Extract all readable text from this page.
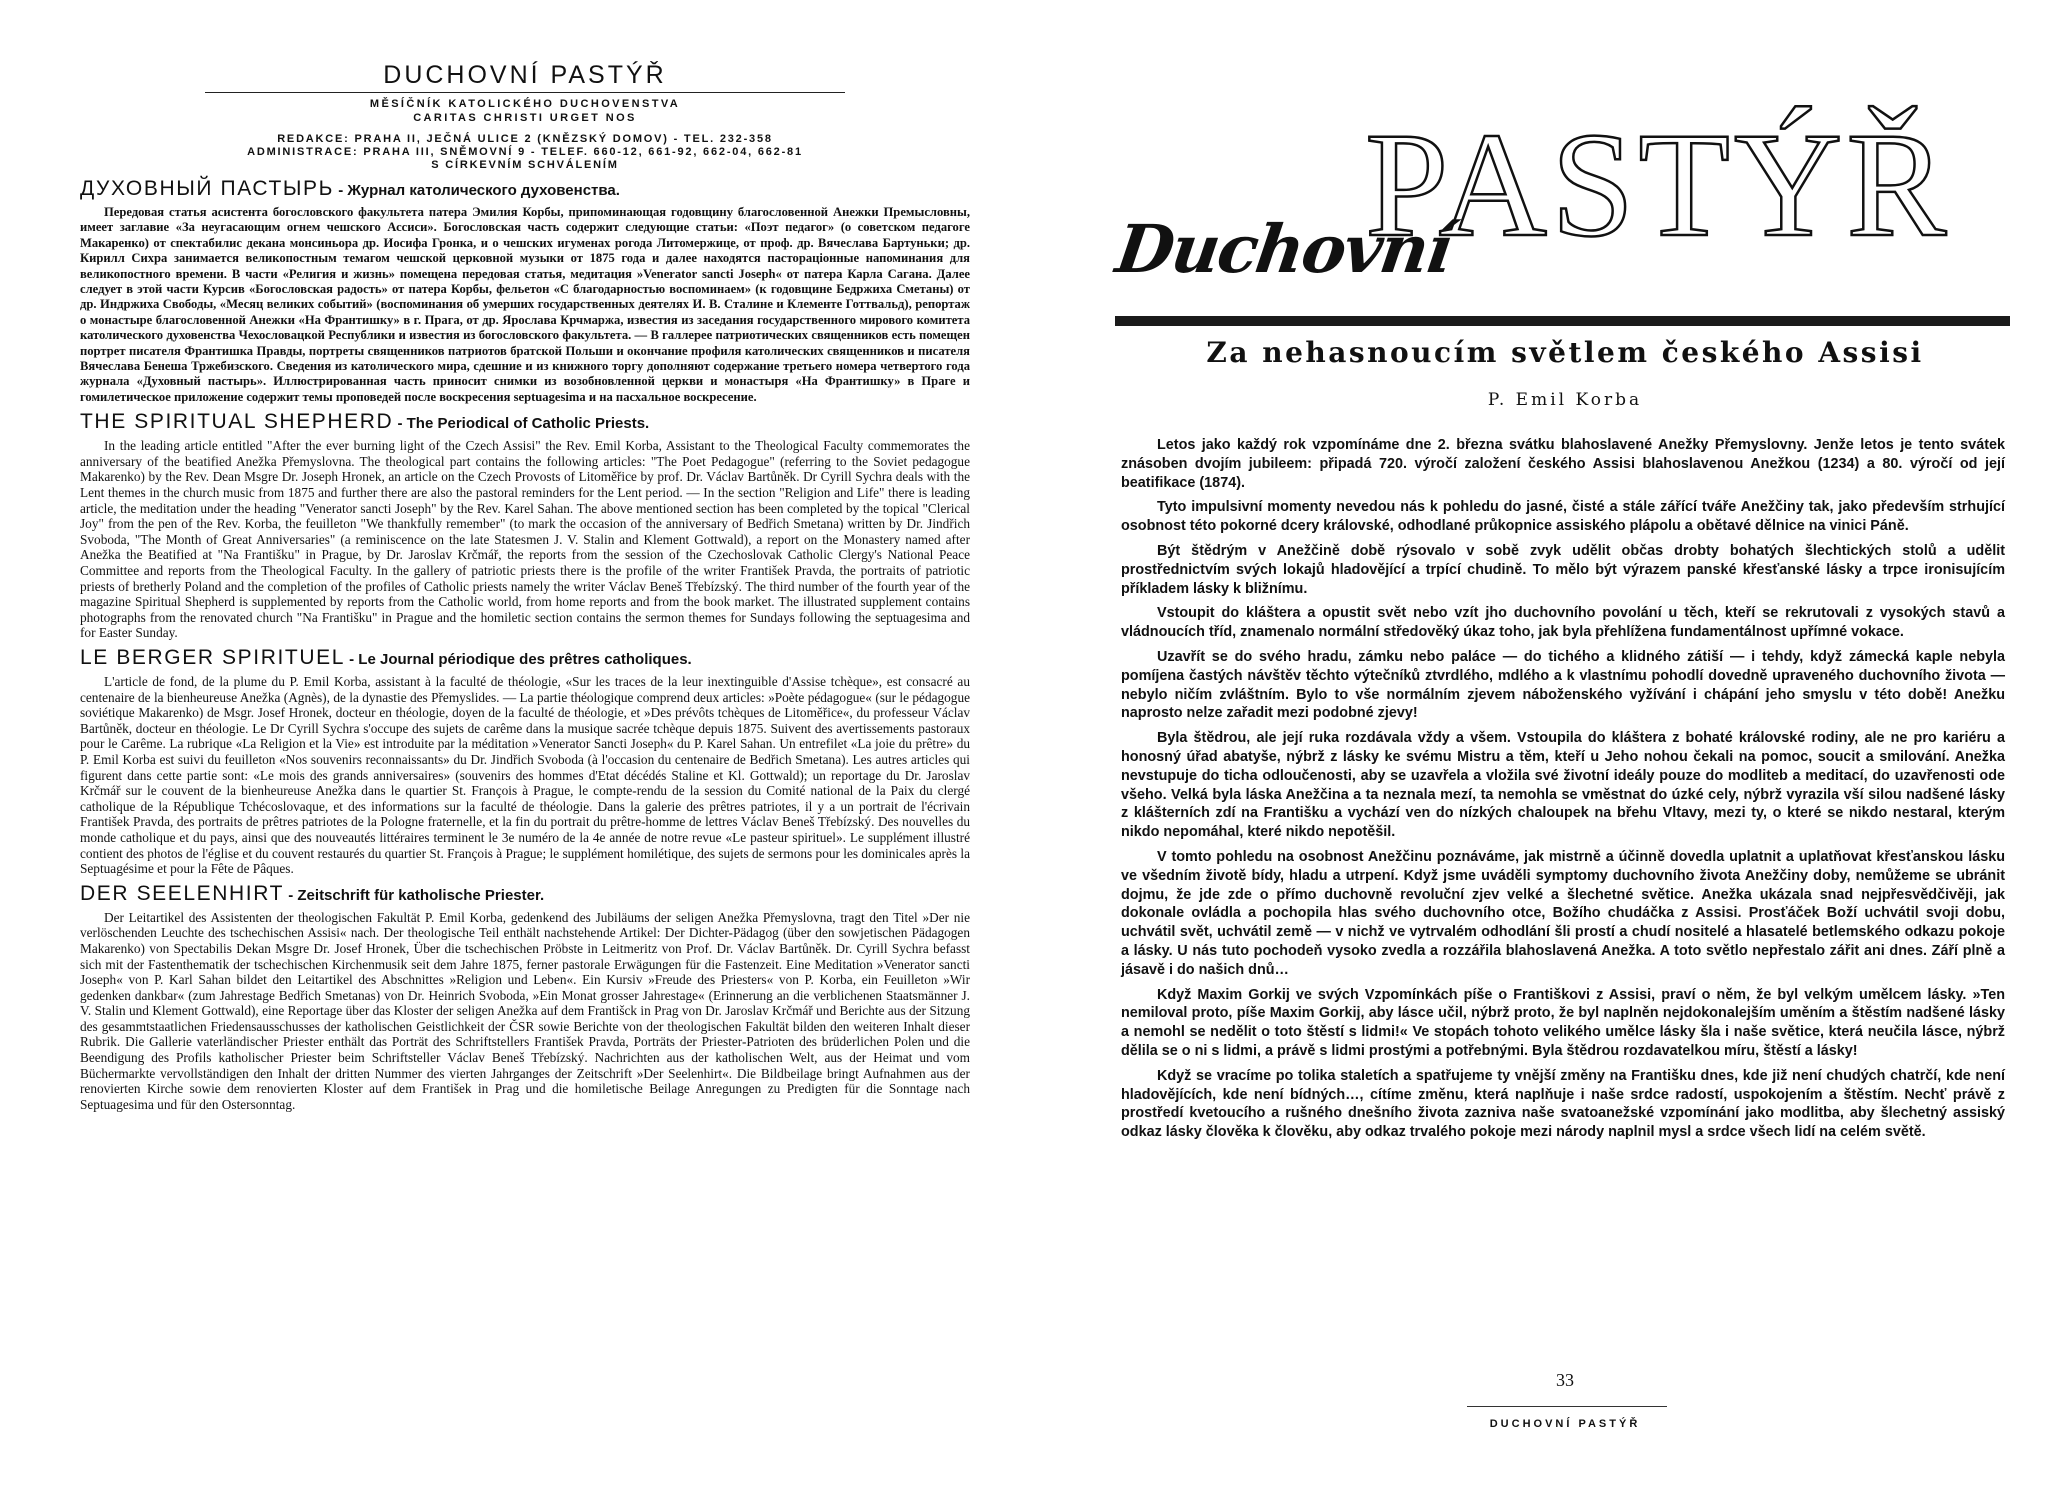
DUCHOVNÍ PASTÝŘ

MĚSÍČNÍK KATOLICKÉHO DUCHOVENSTVA

CARITAS CHRISTI URGET NOS

REDAKCE: PRAHA II, JEČNÁ ULICE 2 (KNĚZSKÝ DOMOV) - TEL. 232-358

ADMINISTRACE: PRAHA III, SNĚMOVNÍ 9 - TELEF. 660-12, 661-92, 662-04, 662-81

S CÍRKEVNÍM SCHVÁLENÍM

ДУХОВНЫЙ ПАСТЫРЬ - Журнал католического духовенства.

Передовая статья асистента богословского факультета патера Эмилия Корбы, припоминающая годовщину благословенной Анежки Премысловны, имеет заглавие «За неугасающим огнем чешского Ассиси». Богословская часть содержит следующие статьи: «Поэт педагог» (о советском педагоге Макаренко) от спектабилис декана монсиньора др. Иосифа Гронка, и о чешских игуменах рогода Литомержице, от проф. др. Вячеслава Бартуньки; др. Кирилл Сихра занимается великопостным темагом чешской церковной музыки от 1875 года и далее находятся пастораціонные напоминания для великопостного времени. В части «Религия и жизнь» помещена передовая статья, медитация »Venerator sancti Joseph« от патера Карла Сагана. Далее следует в этой части Курсив «Богословская радость» от патера Корбы, фельетон «С благодарностью воспоминаем» (к годовщине Бедржиха Сметаны) от др. Индржиха Свободы, «Месяц великих событий» (воспоминания об умерших государственных деятелях И. В. Сталине и Клементе Готтвальд), репортаж о монастыре благословенной Анежки «На Франтишку» в г. Прага, от др. Ярослава Крчмаржа, известия из заседания государственного мирового комитета католического духовенства Чехословацкой Республики и известия из богословского факультета. — В галлерее патриотических священников есть помещен портрет писателя Франтишка Правды, портреты священников патриотов братской Польши и окончание профиля католических священников и писателя Вячеслава Бенеша Тржебизского. Сведения из католического мира, сдешние и из книжного торгу дополняют содержание третьего номера четвертого года журнала «Духовный пастырь». Иллюстрированная часть приносит снимки из возобновленной церкви и монастыря «На Франтишку» в Праге и гомилетическое приложение содержит темы проповедей после воскресения septuagesima и на пасхальное воскресение.

THE SPIRITUAL SHEPHERD - The Periodical of Catholic Priests.

In the leading article entitled "After the ever burning light of the Czech Assisi" the Rev. Emil Korba, Assistant to the Theological Faculty commemorates the anniversary of the beatified Anežka Přemyslovna. The theological part contains the following articles: "The Poet Pedagogue" (referring to the Soviet pedagogue Makarenko) by the Rev. Dean Msgre Dr. Joseph Hronek, an article on the Czech Provosts of Litoměřice by prof. Dr. Václav Bartůněk. Dr Cyrill Sychra deals with the Lent themes in the church music from 1875 and further there are also the pastoral reminders for the Lent period. — In the section "Religion and Life" there is leading article, the meditation under the heading "Venerator sancti Joseph" by the Rev. Karel Sahan. The above mentioned section has been completed by the topical "Clerical Joy" from the pen of the Rev. Korba, the feuilleton "We thankfully remember" (to mark the occasion of the anniversary of Bedřich Smetana) written by Dr. Jindřich Svoboda, "The Month of Great Anniversaries" (a reminiscence on the late Statesmen J. V. Stalin and Klement Gottwald), a report on the Monastery named after Anežka the Beatified at "Na Františku" in Prague, by Dr. Jaroslav Krčmář, the reports from the session of the Czechoslovak Catholic Clergy's National Peace Committee and reports from the Theological Faculty. In the gallery of patriotic priests there is the profile of the writer František Pravda, the portraits of patriotic priests of bretherly Poland and the completion of the profiles of Catholic priests namely the writer Václav Beneš Třebízský. The third number of the fourth year of the magazine Spiritual Shepherd is supplemented by reports from the Catholic world, from home reports and from the book market. The illustrated supplement contains photographs from the renovated church "Na Františku" in Prague and the homiletic section contains the sermon themes for Sundays following the septuagesima and for Easter Sunday.

LE BERGER SPIRITUEL - Le Journal périodique des prêtres catholiques.

L'article de fond, de la plume du P. Emil Korba, assistant à la faculté de théologie, «Sur les traces de la leur inextinguible d'Assise tchèque», est consacré au centenaire de la bienheureuse Anežka (Agnès), de la dynastie des Přemyslides. — La partie théologique comprend deux articles: »Poète pédagogue« (sur le pédagogue soviétique Makarenko) de Msgr. Josef Hronek, docteur en théologie, doyen de la faculté de théologie, et »Des prévôts tchèques de Litoměřice«, du professeur Václav Bartůněk, docteur en théologie. Le Dr Cyrill Sychra s'occupe des sujets de carême dans la musique sacrée tchèque depuis 1875. Suivent des avertissements pastoraux pour le Carême. La rubrique «La Religion et la Vie» est introduite par la méditation »Venerator Sancti Joseph« du P. Karel Sahan. Un entrefilet «La joie du prêtre» du P. Emil Korba est suivi du feuilleton «Nos souvenirs reconnaissants» du Dr. Jindřich Svoboda (à l'occasion du centenaire de Bedřich Smetana). Les autres articles qui figurent dans cette partie sont: «Le mois des grands anniversaires» (souvenirs des hommes d'Etat décédés Staline et Kl. Gottwald); un reportage du Dr. Jaroslav Krčmář sur le couvent de la bienheureuse Anežka dans le quartier St. François à Prague, le compte-rendu de la session du Comité national de la Paix du clergé catholique de la République Tchécoslovaque, et des informations sur la faculté de théologie. Dans la galerie des prêtres patriotes, il y a un portrait de l'écrivain František Pravda, des portraits de prêtres patriotes de la Pologne fraternelle, et la fin du portrait du prêtre-homme de lettres Václav Beneš Třebízský. Des nouvelles du monde catholique et du pays, ainsi que des nouveautés littéraires terminent le 3e numéro de la 4e année de notre revue «Le pasteur spirituel». Le supplément illustré contient des photos de l'église et du couvent restaurés du quartier St. François à Prague; le supplément homilétique, des sujets de sermons pour les dominicales après la Septuagésime et pour la Fête de Pâques.

DER SEELENHIRT - Zeitschrift für katholische Priester.

Der Leitartikel des Assistenten der theologischen Fakultät P. Emil Korba, gedenkend des Jubiläums der seligen Anežka Přemyslovna, tragt den Titel »Der nie verlöschenden Leuchte des tschechischen Assisi« nach. Der theologische Teil enthält nachstehende Artikel: Der Dichter-Pädagog (über den sowjetischen Pädagogen Makarenko) von Spectabilis Dekan Msgre Dr. Josef Hronek, Über die tschechischen Pröbste in Leitmeritz von Prof. Dr. Václav Bartůněk. Dr. Cyrill Sychra befasst sich mit der Fastenthematik der tschechischen Kirchenmusik seit dem Jahre 1875, ferner pastorale Erwägungen für die Fastenzeit. Eine Meditation »Venerator sancti Joseph« von P. Karl Sahan bildet den Leitartikel des Abschnittes »Religion und Leben«. Ein Kursiv »Freude des Priesters« von P. Korba, ein Feuilleton »Wir gedenken dankbar« (zum Jahrestage Bedřich Smetanas) von Dr. Heinrich Svoboda, »Ein Monat grosser Jahrestage« (Erinnerung an die verblichenen Staatsmänner J. V. Stalin und Klement Gottwald), eine Reportage über das Kloster der seligen Anežka auf dem Františck in Prag von Dr. Jaroslav Krčmář und Berichte aus der Sitzung des gesammtstaatlichen Friedensausschusses der katholischen Geistlichkeit der ČSR sowie Berichte von der theologischen Fakultät bilden den weiteren Inhalt dieser Rubrik. Die Gallerie vaterländischer Priester enthält das Porträt des Schriftstellers František Pravda, Porträts der Priester-Patrioten des brüderlichen Polen und die Beendigung des Profils katholischer Priester beim Schriftsteller Václav Beneš Třebízský. Nachrichten aus der katholischen Welt, aus der Heimat und vom Büchermarkte vervollständigen den Inhalt der dritten Nummer des vierten Jahrganges der Zeitschrift »Der Seelenhirt«. Die Bildbeilage bringt Aufnahmen aus der renovierten Kirche sowie dem renovierten Kloster auf dem František in Prag und die homiletische Beilage Anregungen zu Predigten für die Sonntage nach Septuagesima und für den Ostersonntag.

PASTÝŘ
Duchovní

Za nehasnoucím světlem českého Assisi

P. Emil Korba

Letos jako každý rok vzpomínáme dne 2. března svátku blahoslavené Anežky Přemyslovny. Jenže letos je tento svátek znásoben dvojím jubileem: připadá 720. výročí založení českého Assisi blahoslavenou Anežkou (1234) a 80. výročí od její beatifikace (1874).

Tyto impulsivní momenty nevedou nás k pohledu do jasné, čisté a stále zářící tváře Anežčiny tak, jako především strhující osobnost této pokorné dcery královské, odhodlané průkopnice assiského plápolu a obětavé dělnice na vinici Páně.

Být štědrým v Anežčině době rýsovalo v sobě zvyk udělit občas drobty bohatých šlechtických stolů a udělit prostřednictvím svých lokajů hladovějící a trpící chudině. To mělo být výrazem panské křesťanské lásky a trpce ironisujícím příkladem lásky k bližnímu.

Vstoupit do kláštera a opustit svět nebo vzít jho duchovního povolání u těch, kteří se rekrutovali z vysokých stavů a vládnoucích tříd, znamenalo normální středověký úkaz toho, jak byla přehlížena fundamentálnost upřímné vokace.

Uzavřít se do svého hradu, zámku nebo paláce — do tichého a klidného zátiší — i tehdy, když zámecká kaple nebyla pomíjena častých návštěv těchto výtečníků ztvrdlého, mdlého a k vlastnímu pohodlí dovedně upraveného duchovního života — nebylo ničím zvláštním. Bylo to vše normálním zjevem náboženského vyžívání i chápání jeho smyslu v této době! Anežku naprosto nelze zařadit mezi podobné zjevy!

Byla štědrou, ale její ruka rozdávala vždy a všem. Vstoupila do kláštera z bohaté královské rodiny, ale ne pro kariéru a honosný úřad abatyše, nýbrž z lásky ke svému Mistru a těm, kteří u Jeho nohou čekali na pomoc, soucit a smilování. Anežka nevstupuje do ticha odloučenosti, aby se uzavřela a vložila své životní ideály pouze do modliteb a meditací, do uzavřenosti ode všeho. Velká byla láska Anežčina a ta neznala mezí, ta nemohla se vměstnat do úzké cely, nýbrž vyrazila vší silou nadšené lásky z klášterních zdí na Františku a vychází ven do nízkých chaloupek na břehu Vltavy, mezi ty, o které se nikdo nestaral, kterým nikdo nepomáhal, které nikdo nepotěšil.

V tomto pohledu na osobnost Anežčinu poznáváme, jak mistrně a účinně dovedla uplatnit a uplatňovat křesťanskou lásku ve všedním životě bídy, hladu a utrpení. Když jsme uváděli symptomy duchovního života Anežčiny doby, nemůžeme se ubránit dojmu, že jde zde o přímo duchovně revoluční zjev velké a šlechetné světice. Anežka ukázala snad nejpřesvědčivěji, jak dokonale ovládla a pochopila hlas svého duchovního otce, Božího chudáčka z Assisi. Prosťáček Boží uchvátil svoji dobu, uchvátil svět, uchvátil země — v nichž ve vytrvalém odhodlání šli prostí a chudí nositelé a hlasatelé betlemského odkazu pokoje a lásky. U nás tuto pochodeň vysoko zvedla a rozzářila blahoslavená Anežka. A toto světlo nepřestalo zářit ani dnes. Září plně a jásavě i do našich dnů…

Když Maxim Gorkij ve svých Vzpomínkách píše o Františkovi z Assisi, praví o něm, že byl velkým umělcem lásky. »Ten nemiloval proto, píše Maxim Gorkij, aby lásce učil, nýbrž proto, že byl naplněn nejdokonalejším uměním a štěstím nadšené lásky a nemohl se nedělit o toto štěstí s lidmi!« Ve stopách tohoto velikého umělce lásky šla i naše světice, která neučila lásce, nýbrž dělila se o ni s lidmi, a právě s lidmi prostými a potřebnými. Byla štědrou rozdavatelkou míru, štěstí a lásky!

Když se vracíme po tolika staletích a spatřujeme ty vnější změny na Františku dnes, kde již není chudých chatrčí, kde není hladovějících, kde není bídných…, cítíme změnu, která naplňuje i naše srdce radostí, uspokojením a štěstím. Nechť právě z prostředí kvetoucího a rušného dnešního života zazniva naše svatoanežské vzpomínání jako modlitba, aby šlechetný assiský odkaz lásky člověka k člověku, aby odkaz trvalého pokoje mezi národy naplnil mysl a srdce všech lidí na celém světě.

33

DUCHOVNÍ PASTÝŘ
